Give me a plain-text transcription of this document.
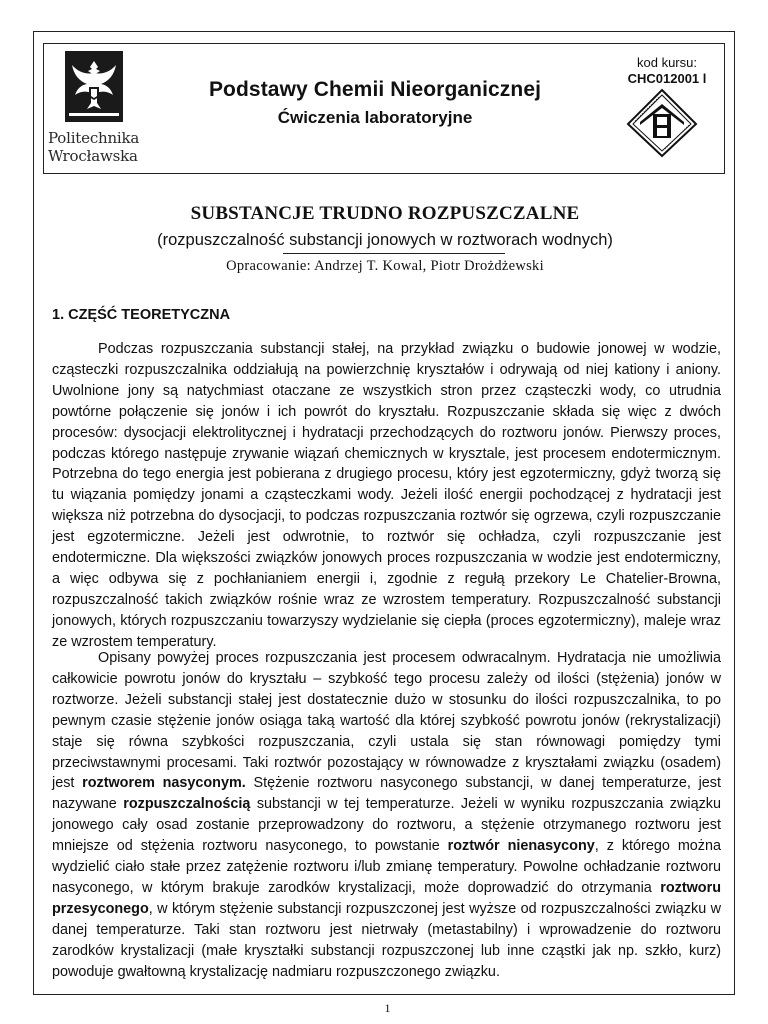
Politechnika
Wrocławska
Podstawy Chemii Nieorganicznej
Ćwiczenia laboratoryjne
kod kursu:
CHC012001 l
SUBSTANCJE TRUDNO ROZPUSZCZALNE
(rozpuszczalność substancji jonowych w roztworach wodnych)
Opracowanie: Andrzej T. Kowal, Piotr Drożdżewski
1. CZĘŚĆ TEORETYCZNA

Podczas rozpuszczania substancji stałej, na przykład związku o budowie jonowej w wodzie, cząsteczki rozpuszczalnika oddziałują na powierzchnię kryształów i odrywają od niej kationy i aniony. Uwolnione jony są natychmiast otaczane ze wszystkich stron przez cząsteczki wody, co utrudnia powtórne połączenie się jonów i ich powrót do kryształu. Rozpuszczanie składa się więc z dwóch procesów: dysocjacji elektrolitycznej i hydratacji przechodzących do roztworu jonów. Pierwszy proces, podczas którego następuje zrywanie wiązań chemicznych w krysztale, jest procesem endotermicznym. Potrzebna do tego energia jest pobierana z drugiego procesu, który jest egzotermiczny, gdyż tworzą się tu wiązania pomiędzy jonami a cząsteczkami wody. Jeżeli ilość energii pochodzącej z hydratacji jest większa niż potrzebna do dysocjacji, to podczas rozpuszczania roztwór się ogrzewa, czyli rozpuszczanie jest egzotermiczne. Jeżeli jest odwrotnie, to roztwór się ochładza, czyli rozpuszczanie jest endotermiczne. Dla większości związków jonowych proces rozpuszczania w wodzie jest endotermiczny, a więc odbywa się z pochłanianiem energii i, zgodnie z regułą przekory Le Chatelier-Browna, rozpuszczalność takich związków rośnie wraz ze wzrostem temperatury. Rozpuszczalność substancji jonowych, których rozpuszczaniu towarzyszy wydzielanie się ciepła (proces egzotermiczny), maleje wraz ze wzrostem temperatury.

Opisany powyżej proces rozpuszczania jest procesem odwracalnym. Hydratacja nie umożliwia całkowicie powrotu jonów do kryształu – szybkość tego procesu zależy od ilości (stężenia) jonów w roztworze. Jeżeli substancji stałej jest dostatecznie dużo w stosunku do ilości rozpuszczalnika, to po pewnym czasie stężenie jonów osiąga taką wartość dla której szybkość powrotu jonów (rekrystalizacji) staje się równa szybkości rozpuszczania, czyli ustala się stan równowagi pomiędzy tymi przeciwstawnymi procesami. Taki roztwór pozostający w równowadze z kryształami związku (osadem) jest roztworem nasyconym. Stężenie roztworu nasyconego substancji, w danej temperaturze, jest nazywane rozpuszczalnością substancji w tej temperaturze. Jeżeli w wyniku rozpuszczania związku jonowego cały osad zostanie przeprowadzony do roztworu, a stężenie otrzymanego roztworu jest mniejsze od stężenia roztworu nasyconego, to powstanie roztwór nienasycony, z którego można wydzielić ciało stałe przez zatężenie roztworu i/lub zmianę temperatury. Powolne ochładzanie roztworu nasyconego, w którym brakuje zarodków krystalizacji, może doprowadzić do otrzymania roztworu przesyconego, w którym stężenie substancji rozpuszczonej jest wyższe od rozpuszczalności związku w danej temperaturze. Taki stan roztworu jest nietrwały (metastabilny) i wprowadzenie do roztworu zarodków krystalizacji (małe kryształki substancji rozpuszczonej lub inne cząstki jak np. szkło, kurz) powoduje gwałtowną krystalizację nadmiaru rozpuszczonego związku.

1
